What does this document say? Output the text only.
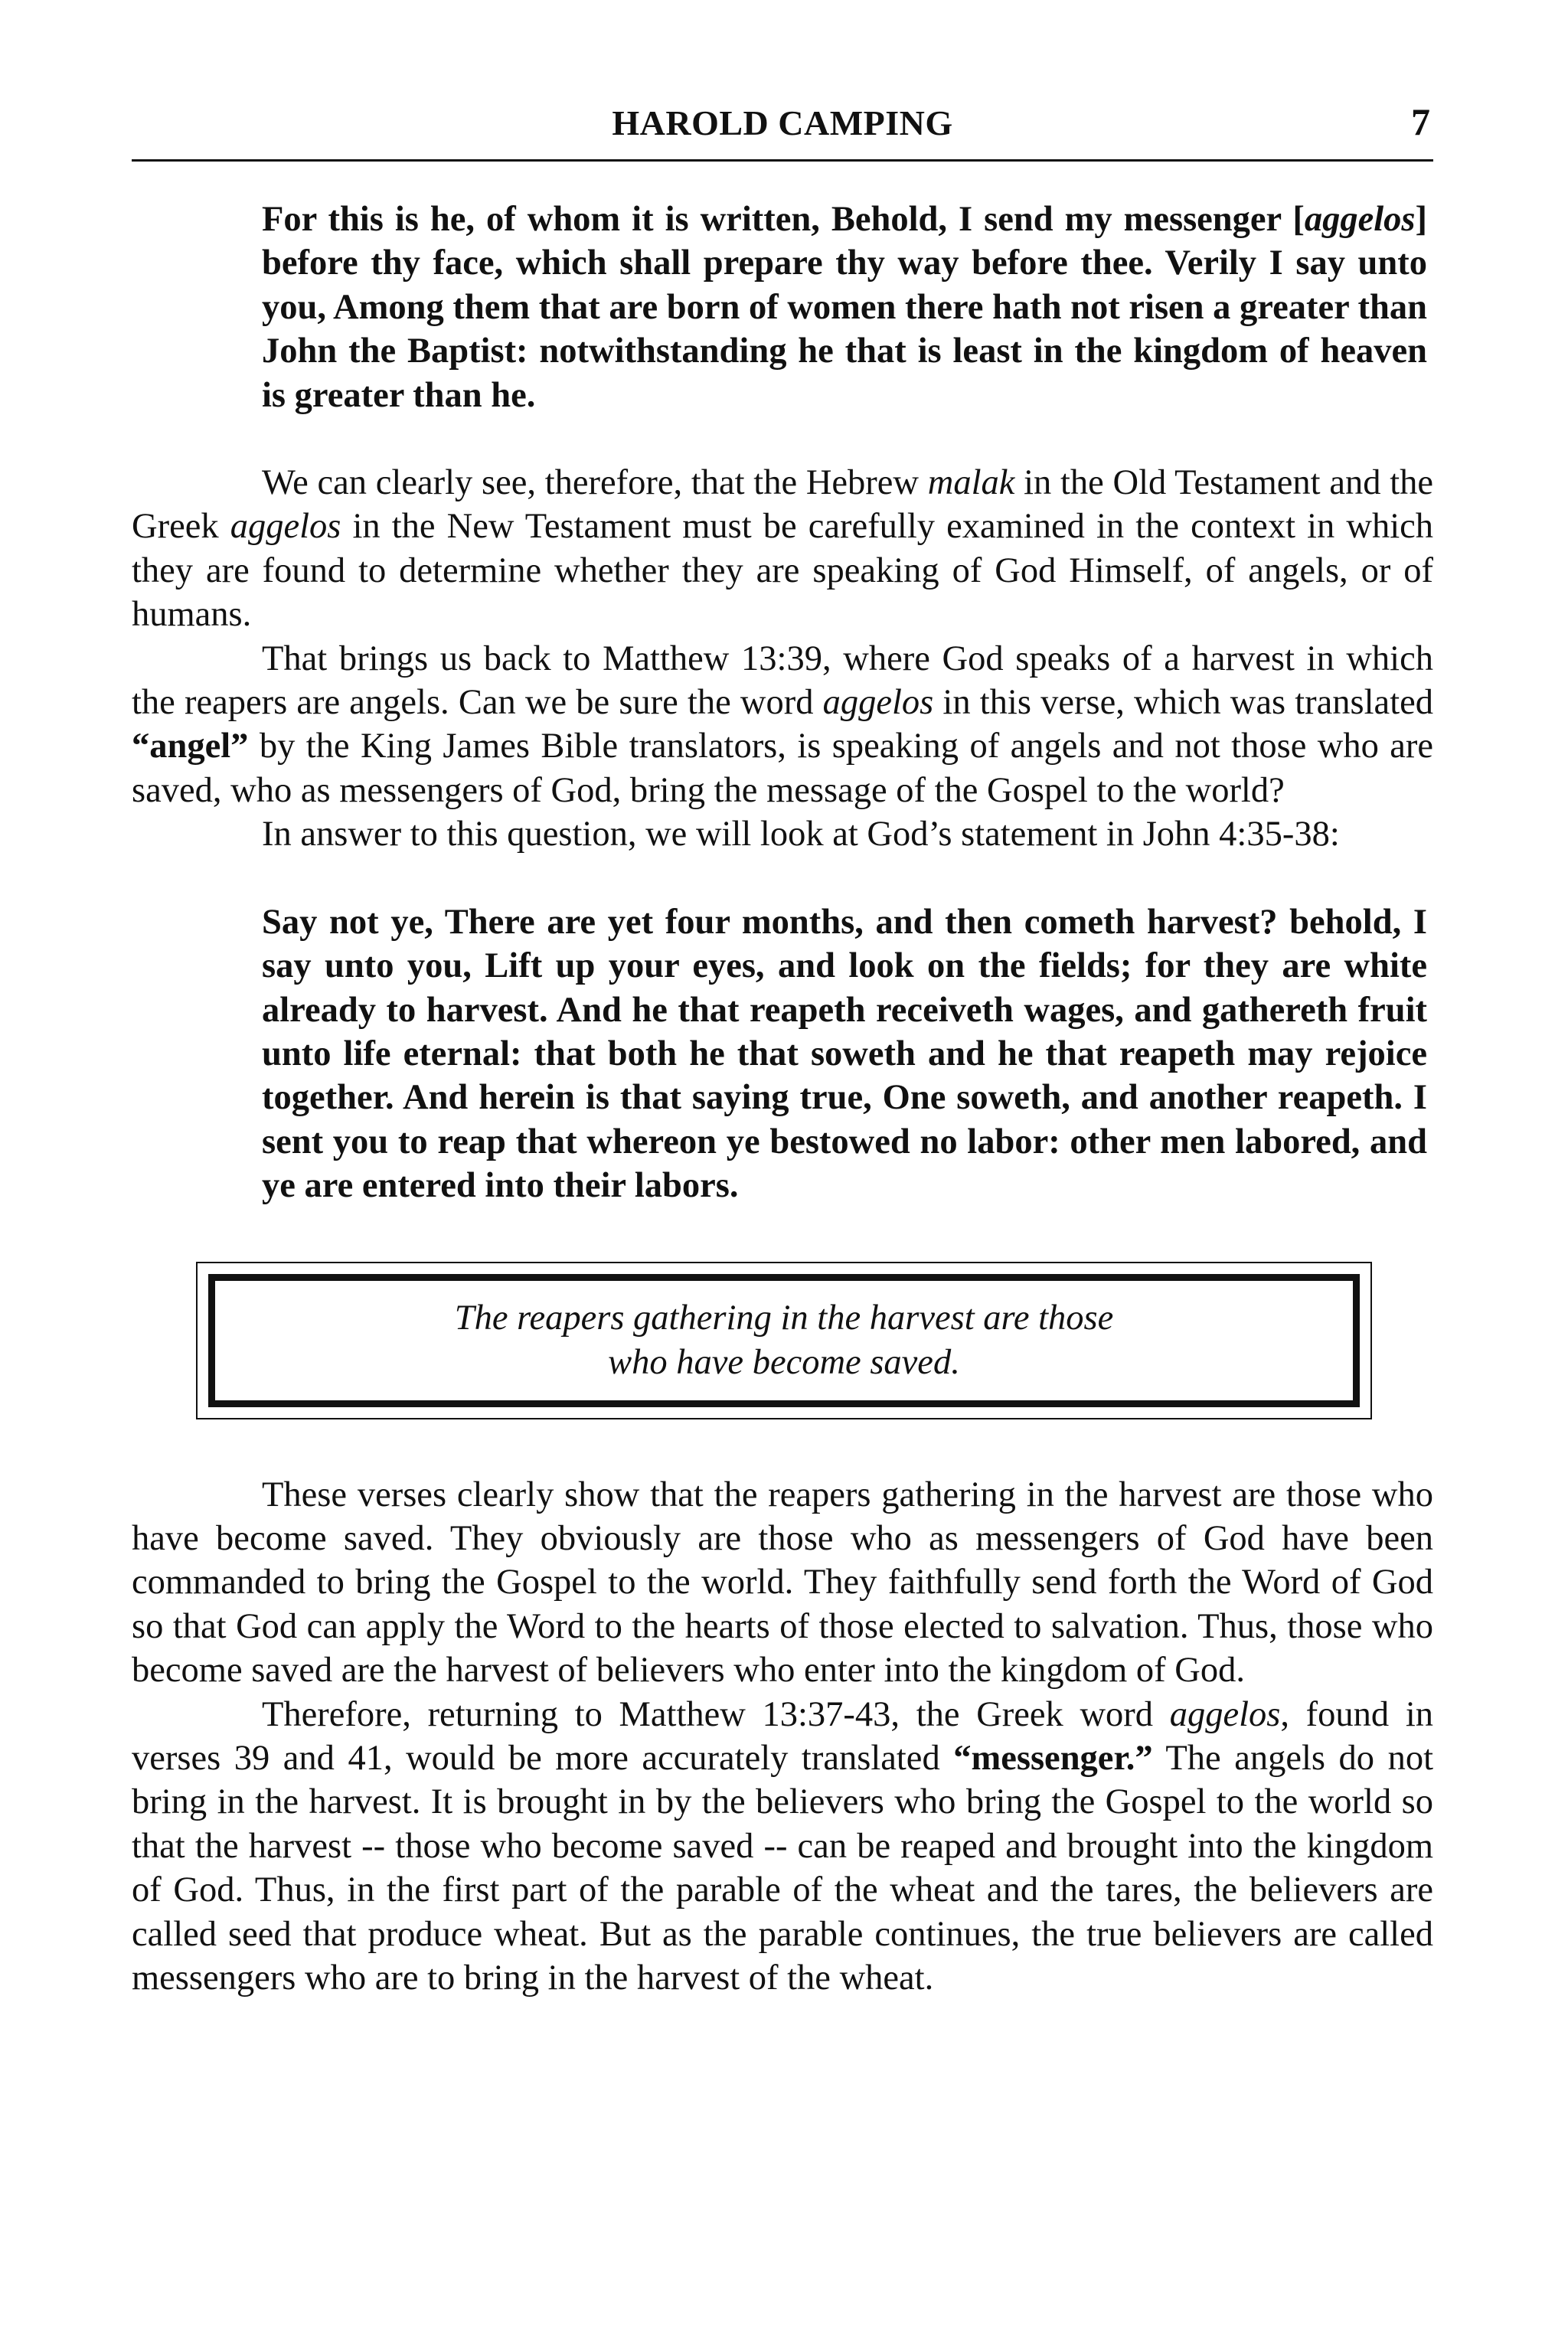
HAROLD CAMPING	7
For this is he, of whom it is written, Behold, I send my messenger [aggelos] before thy face, which shall prepare thy way before thee. Verily I say unto you, Among them that are born of women there hath not risen a greater than John the Baptist: notwithstanding he that is least in the kingdom of heaven is greater than he.

We can clearly see, therefore, that the Hebrew malak in the Old Testament and the Greek aggelos in the New Testament must be carefully examined in the context in which they are found to determine whether they are speaking of God Himself, of angels, or of humans.

That brings us back to Matthew 13:39, where God speaks of a harvest in which the reapers are angels. Can we be sure the word aggelos in this verse, which was translated “angel” by the King James Bible translators, is speaking of angels and not those who are saved, who as messengers of God, bring the message of the Gospel to the world?

In answer to this question, we will look at God’s statement in John 4:35-38:

Say not ye, There are yet four months, and then cometh harvest? behold, I say unto you, Lift up your eyes, and look on the fields; for they are white already to harvest. And he that reapeth receiveth wages, and gathereth fruit unto life eternal: that both he that soweth and he that reapeth may rejoice together. And herein is that saying true, One soweth, and another reapeth. I sent you to reap that whereon ye bestowed no labor: other men labored, and ye are entered into their labors.
The reapers gathering in the harvest are those
who have become saved.

These verses clearly show that the reapers gathering in the harvest are those who have become saved. They obviously are those who as messengers of God have been commanded to bring the Gospel to the world. They faithfully send forth the Word of God so that God can apply the Word to the hearts of those elected to salvation. Thus, those who become saved are the harvest of believers who enter into the kingdom of God.

Therefore, returning to Matthew 13:37-43, the Greek word aggelos, found in verses 39 and 41, would be more accurately translated “messenger.” The angels do not bring in the harvest. It is brought in by the believers who bring the Gospel to the world so that the harvest -- those who become saved -- can be reaped and brought into the kingdom of God. Thus, in the first part of the parable of the wheat and the tares, the believers are called seed that produce wheat. But as the parable continues, the true believers are called messengers who are to bring in the harvest of the wheat.
